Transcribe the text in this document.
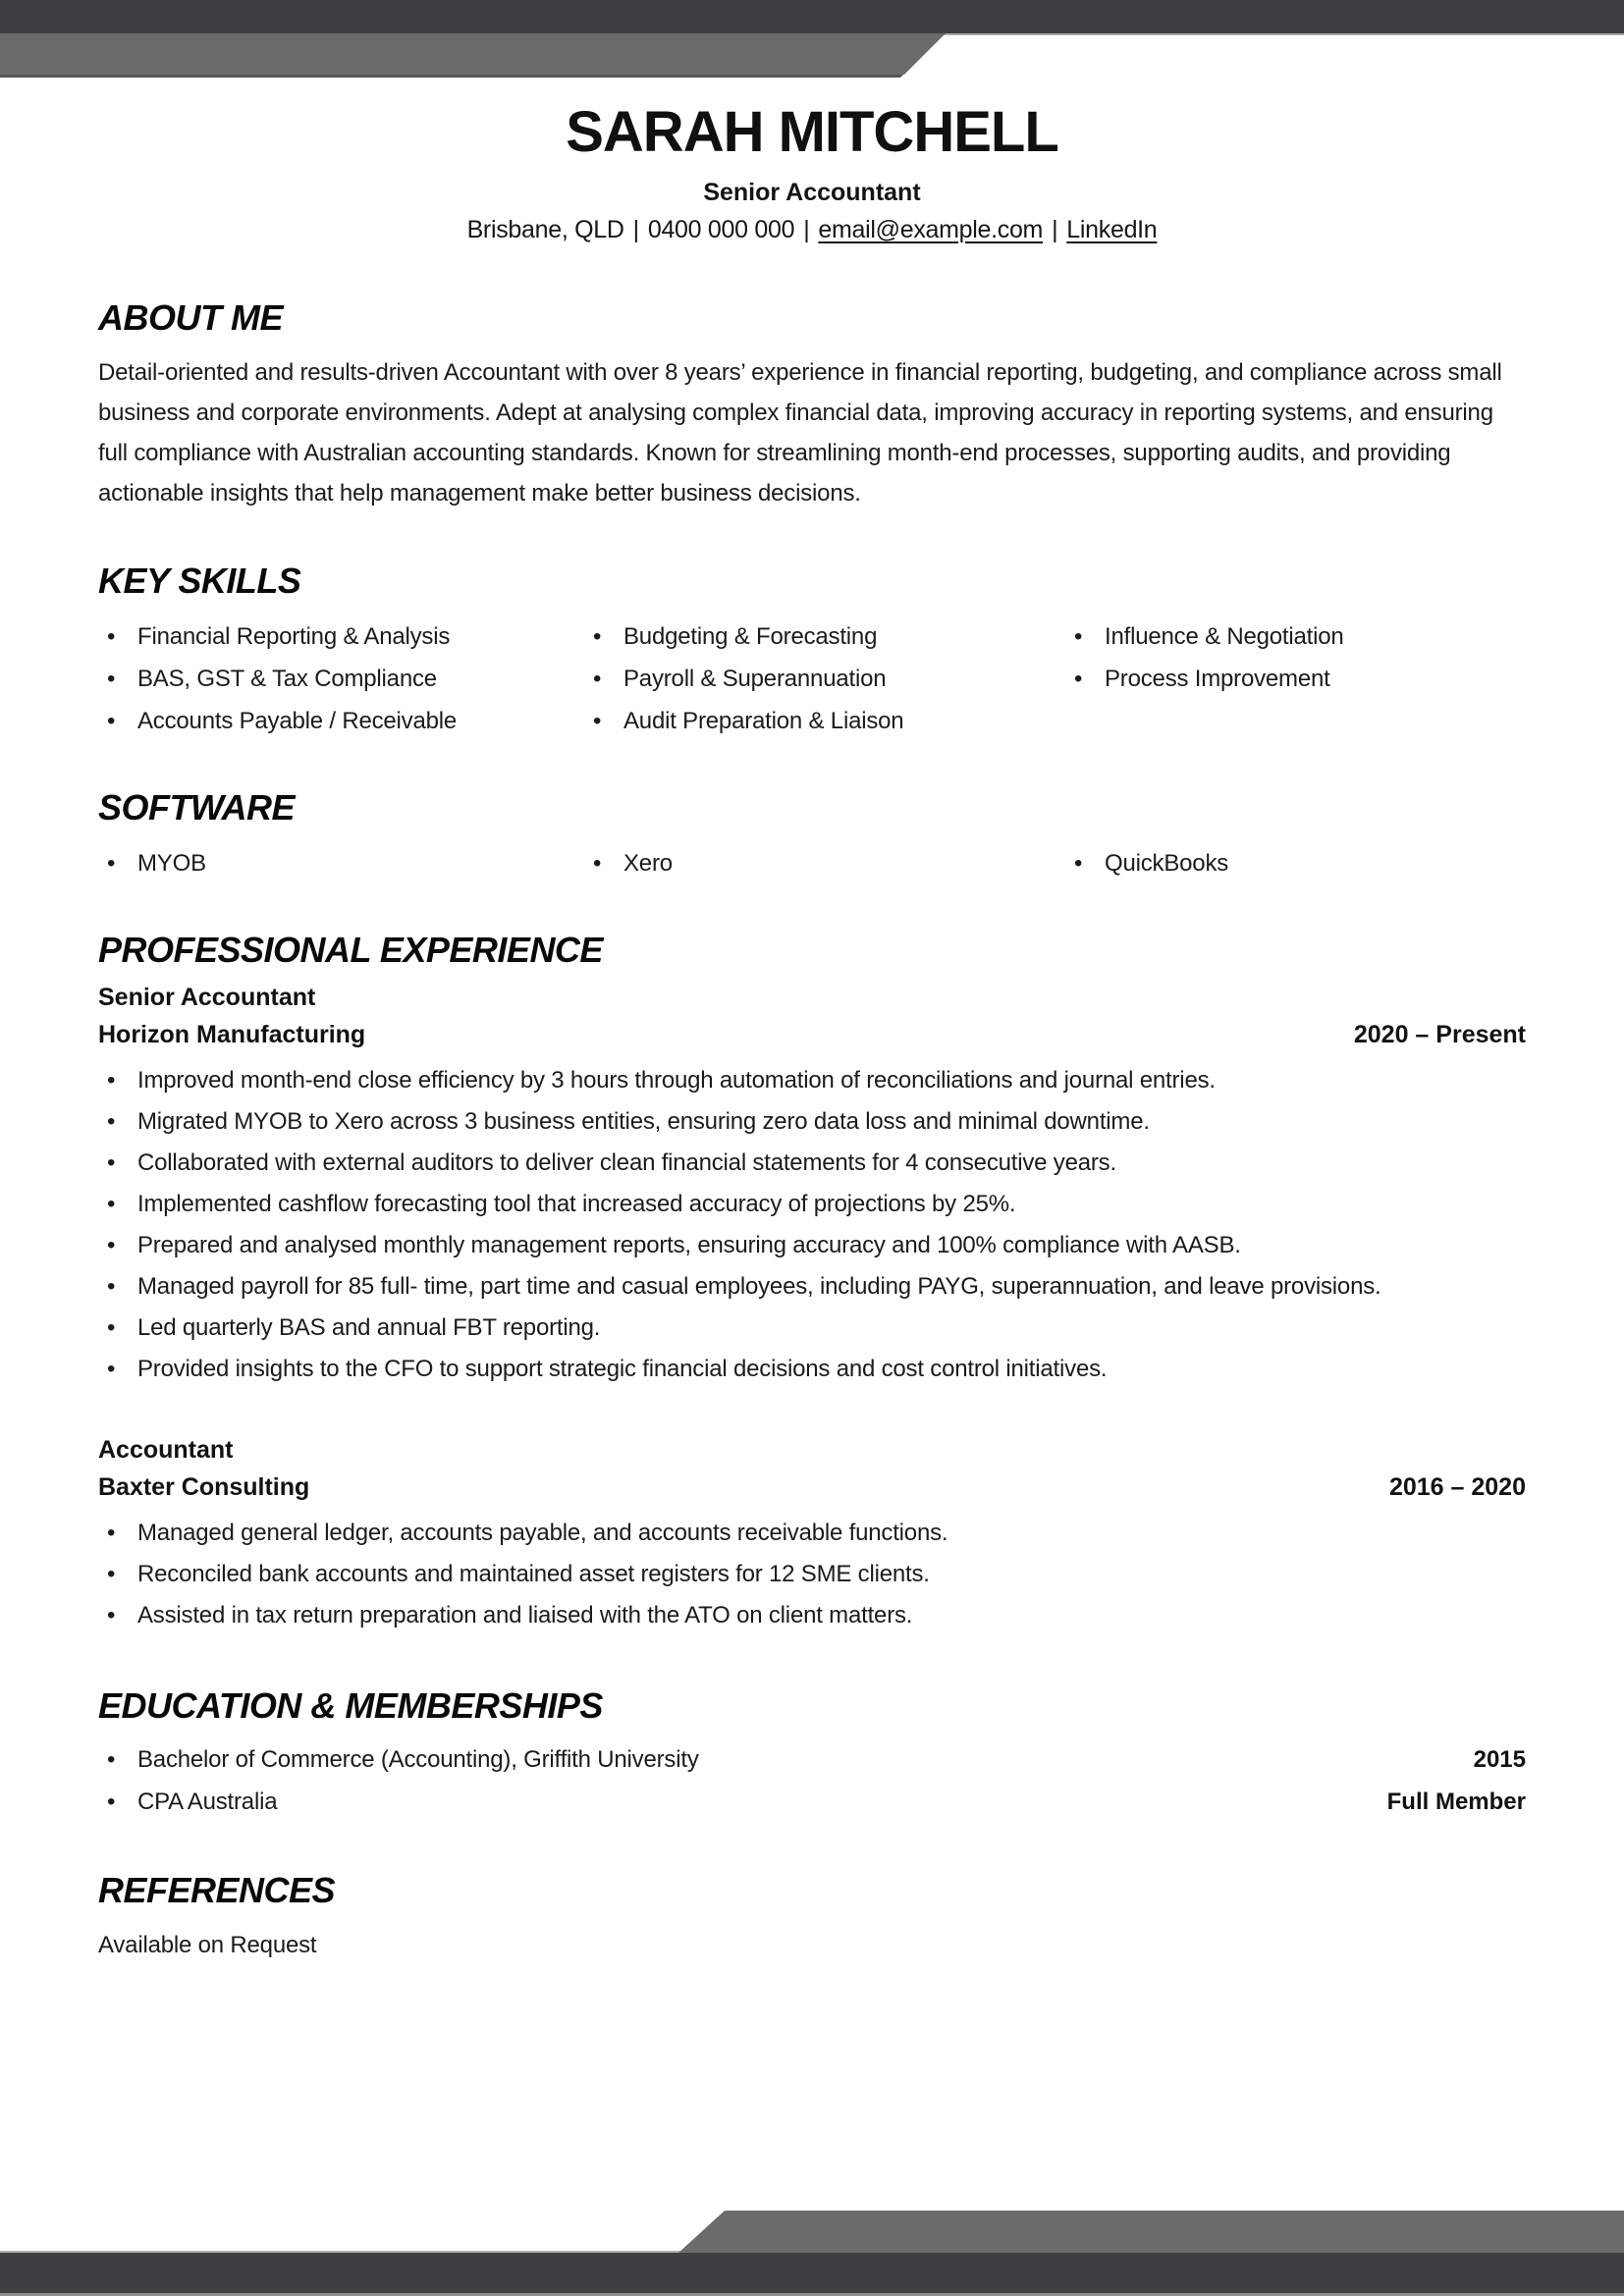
SARAH MITCHELL
Senior Accountant
Brisbane, QLD | 0400 000 000 | email@example.com | LinkedIn
ABOUT ME
Detail-oriented and results-driven Accountant with over 8 years’ experience in financial reporting, budgeting, and compliance across small business and corporate environments. Adept at analysing complex financial data, improving accuracy in reporting systems, and ensuring full compliance with Australian accounting standards. Known for streamlining month-end processes, supporting audits, and providing actionable insights that help management make better business decisions.
KEY SKILLS
• Financial Reporting & Analysis
• BAS, GST & Tax Compliance
• Accounts Payable / Receivable
• Budgeting & Forecasting
• Payroll & Superannuation
• Audit Preparation & Liaison
• Influence & Negotiation
• Process Improvement
SOFTWARE
• MYOB	• Xero	• QuickBooks
PROFESSIONAL EXPERIENCE
Senior Accountant
Horizon Manufacturing	2020 – Present
• Improved month-end close efficiency by 3 hours through automation of reconciliations and journal entries.
• Migrated MYOB to Xero across 3 business entities, ensuring zero data loss and minimal downtime.
• Collaborated with external auditors to deliver clean financial statements for 4 consecutive years.
• Implemented cashflow forecasting tool that increased accuracy of projections by 25%.
• Prepared and analysed monthly management reports, ensuring accuracy and 100% compliance with AASB.
• Managed payroll for 85 full- time, part time and casual employees, including PAYG, superannuation, and leave provisions.
• Led quarterly BAS and annual FBT reporting.
• Provided insights to the CFO to support strategic financial decisions and cost control initiatives.
Accountant
Baxter Consulting	2016 – 2020
• Managed general ledger, accounts payable, and accounts receivable functions.
• Reconciled bank accounts and maintained asset registers for 12 SME clients.
• Assisted in tax return preparation and liaised with the ATO on client matters.
EDUCATION & MEMBERSHIPS
• Bachelor of Commerce (Accounting), Griffith University	2015
• CPA Australia	Full Member
REFERENCES
Available on Request
